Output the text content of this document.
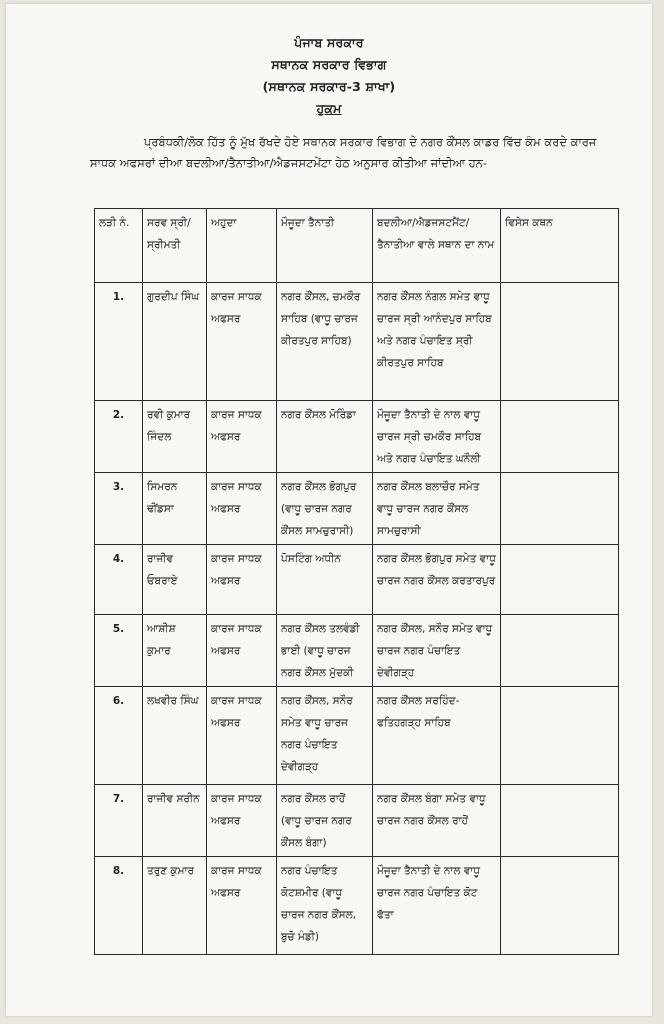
ਪੰਜਾਬ ਸਰਕਾਰ
ਸਥਾਨਕ ਸਰਕਾਰ ਵਿਭਾਗ
(ਸਥਾਨਕ ਸਰਕਾਰ-3 ਸ਼ਾਖਾ)
ਹੁਕਮ
ਪ੍ਰਬੰਧਕੀ/ਲੋਕ ਹਿੱਤ ਨੂੰ ਮੁੱਖ ਰੱਖਦੇ ਹੋਏ ਸਥਾਨਕ ਸਰਕਾਰ ਵਿਭਾਗ ਦੇ ਨਗਰ ਕੌਂਸਲ ਕਾਡਰ ਵਿੱਚ ਕੰਮ ਕਰਦੇ ਕਾਰਜ ਸਾਧਕ ਅਫਸਰਾਂ ਦੀਆ ਬਦਲੀਆ/ਤੈਨਾਤੀਆ/ਐਡਜਸਟਮੇਂਟਾ ਹੇਠ ਅਨੁਸਾਰ ਕੀਤੀਆ ਜਾਂਦੀਆ ਹਨ-
ਲੜੀ ਨੰ.	ਸਰਵ ਸ੍ਰੀ/ਸ੍ਰੀਮਤੀ	ਅਹੁਦਾ	ਮੌਜੂਦਾ ਤੈਨਾਤੀ	ਬਦਲੀਆ/ਐਡਜਸਟਮੈਂਟ/ ਤੈਨਾਤੀਆ ਵਾਲੇ ਸਥਾਨ ਦਾ ਨਾਮ	ਵਿਸੇਸ ਕਥਨ
1.	ਗੁਰਦੀਪ ਸਿੰਘ	ਕਾਰਜ ਸਾਧਕ ਅਫਸਰ	ਨਗਰ ਕੌਂਸਲ, ਚਮਕੌਰ ਸਾਹਿਬ (ਵਾਧੂ ਚਾਰਜ ਕੀਰਤਪੁਰ ਸਾਹਿਬ)	ਨਗਰ ਕੌਂਸਲ ਨੰਗਲ ਸਮੇਤ ਵਾਧੂ ਚਾਰਜ ਸ੍ਰੀ ਆਨੰਦਪੁਰ ਸਾਹਿਬ ਅਤੇ ਨਗਰ ਪੰਚਾਇਤ ਸ੍ਰੀ ਕੀਰਤਪੁਰ ਸਾਹਿਬ	
2.	ਰਵੀ ਕੁਮਾਰ ਜਿੰਦਲ	ਕਾਰਜ ਸਾਧਕ ਅਫਸਰ	ਨਗਰ ਕੌਂਸਲ ਮੋਰਿੰਡਾ	ਮੌਜੂਦਾ ਤੈਨਾਤੀ ਦੇ ਨਾਲ ਵਾਧੂ ਚਾਰਜ ਸ੍ਰੀ ਚਮਕੌਰ ਸਾਹਿਬ ਅਤੇ ਨਗਰ ਪੰਚਾਇਤ ਘਨੌਲੀ	
3.	ਸਿਮਰਨ ਢੀਂਡਸਾ	ਕਾਰਜ ਸਾਧਕ ਅਫਸਰ	ਨਗਰ ਕੌਂਸਲ ਭੋਗਪੁਰ (ਵਾਧੂ ਚਾਰਜ ਨਗਰ ਕੌਂਸਲ ਸਾਮਚੁਰਾਸੀ)	ਨਗਰ ਕੌਂਸਲ ਬਲਾਚੌਰ ਸਮੇਤ ਵਾਧੂ ਚਾਰਜ ਨਗਰ ਕੌਂਸਲ ਸਾਮਚੁਰਾਸੀ	
4.	ਰਾਜੀਵ ਓਬਰਾਏ	ਕਾਰਜ ਸਾਧਕ ਅਫਸਰ	ਪੋਸਟਿੰਗ ਅਧੀਨ	ਨਗਰ ਕੌਂਸਲ ਭੋਗਪੁਰ ਸਮੇਤ ਵਾਧੂ ਚਾਰਜ ਨਗਰ ਕੌਂਸਲ ਕਰਤਾਰਪੁਰ	
5.	ਆਸ਼ੀਸ਼ ਕੁਮਾਰ	ਕਾਰਜ ਸਾਧਕ ਅਫਸਰ	ਨਗਰ ਕੌਂਸਲ ਤਲਵੰਡੀ ਭਾਈ (ਵਾਧੂ ਚਾਰਜ ਨਗਰ ਕੌਂਸਲ ਮੁੱਦਕੀ	ਨਗਰ ਕੌਂਸਲ, ਸਨੌਰ ਸਮੇਤ ਵਾਧੂ ਚਾਰਜ ਨਗਰ ਪੰਚਾਇਤ ਦੇਵੀਗੜ੍ਹ	
6.	ਲਖਵੀਰ ਸਿੰਘ	ਕਾਰਜ ਸਾਧਕ ਅਫਸਰ	ਨਗਰ ਕੌਂਸਲ, ਸਨੌਰ ਸਮੇਤ ਵਾਧੂ ਚਾਰਜ ਨਗਰ ਪੰਚਾਇਤ ਦੇਵੀਗੜ੍ਹ	ਨਗਰ ਕੌਂਸਲ ਸਰਹਿੰਦ-ਫਤਿਹਗੜ੍ਹ ਸਾਹਿਬ	
7.	ਰਾਜੀਵ ਸਰੀਨ	ਕਾਰਜ ਸਾਧਕ ਅਫਸਰ	ਨਗਰ ਕੌਂਸਲ ਰਾਹੋਂ (ਵਾਧੂ ਚਾਰਜ ਨਗਰ ਕੌਂਸਲ ਬੰਗਾ)	ਨਗਰ ਕੌਂਸਲ ਬੰਗਾ ਸਮੇਤ ਵਾਧੂ ਚਾਰਜ ਨਗਰ ਕੌਂਸਲ ਰਾਹੋਂ	
8.	ਤਰੁਣ ਕੁਮਾਰ	ਕਾਰਜ ਸਾਧਕ ਅਫਸਰ	ਨਗਰ ਪੰਚਾਇਤ ਕੋਟਸ਼ਮੀਰ (ਵਾਧੂ ਚਾਰਜ ਨਗਰ ਕੌਂਸਲ, ਬੁਚੋ ਮੰਡੀ)	ਮੌਜੂਦਾ ਤੈਨਾਤੀ ਦੇ ਨਾਲ ਵਾਧੂ ਚਾਰਜ ਨਗਰ ਪੰਚਾਇਤ ਕੋਟ ਫੱਤਾ	
